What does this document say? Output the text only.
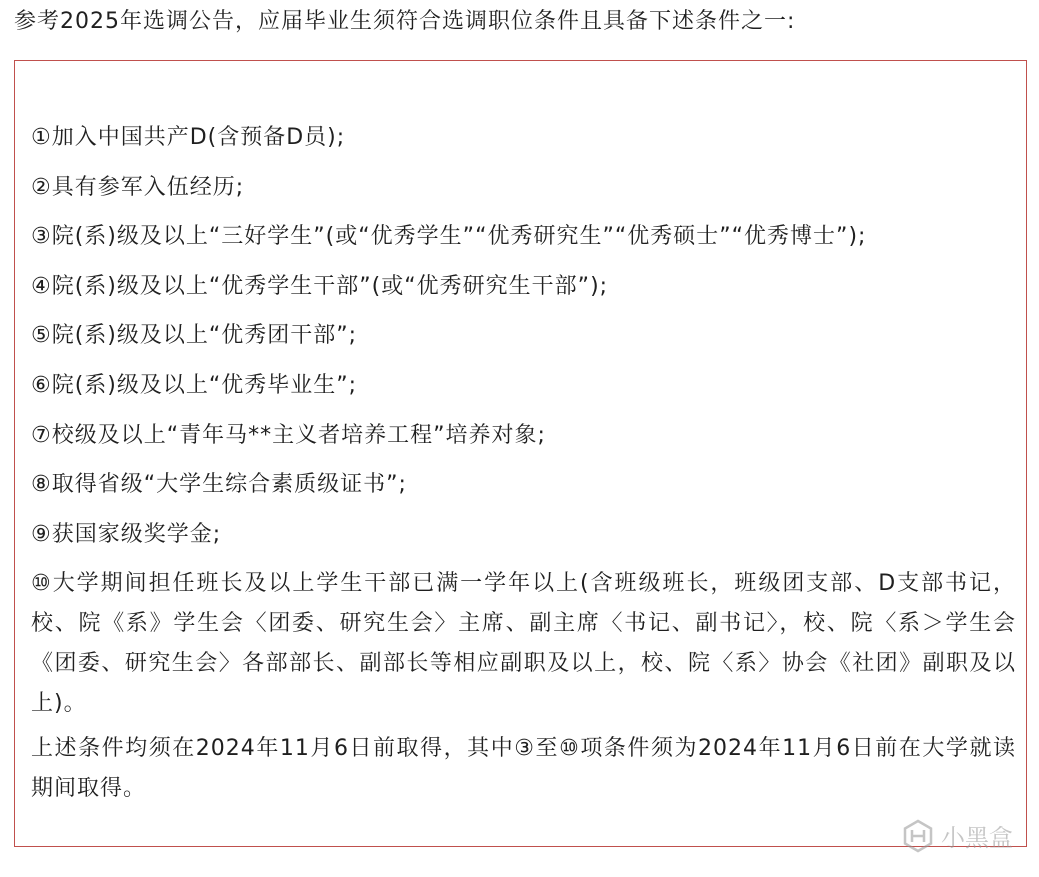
参考2025年选调公告，应届毕业生须符合选调职位条件且具备下述条件之一:
①加入中国共产D(含预备D员);
②具有参军入伍经历;
③院(系)级及以上“三好学生”(或“优秀学生”“优秀研究生”“优秀硕士”“优秀博士”);
④院(系)级及以上“优秀学生干部”(或“优秀研究生干部”);
⑤院(系)级及以上“优秀团干部”;
⑥院(系)级及以上“优秀毕业生”;
⑦校级及以上“青年马**主义者培养工程”培养对象;
⑧取得省级“大学生综合素质级证书”;
⑨获国家级奖学金;
⑩大学期间担任班长及以上学生干部已满一学年以上(含班级班长，班级团支部、D支部书记，校、院《系》学生会〈团委、研究生会〉主席、副主席〈书记、副书记〉，校、院〈系＞学生会《团委、研究生会〉各部部长、副部长等相应副职及以上，校、院〈系〉协会《社团》副职及以上)。
上述条件均须在2024年11月6日前取得，其中③至⑩项条件须为2024年11月6日前在大学就读期间取得。
小黑盒
